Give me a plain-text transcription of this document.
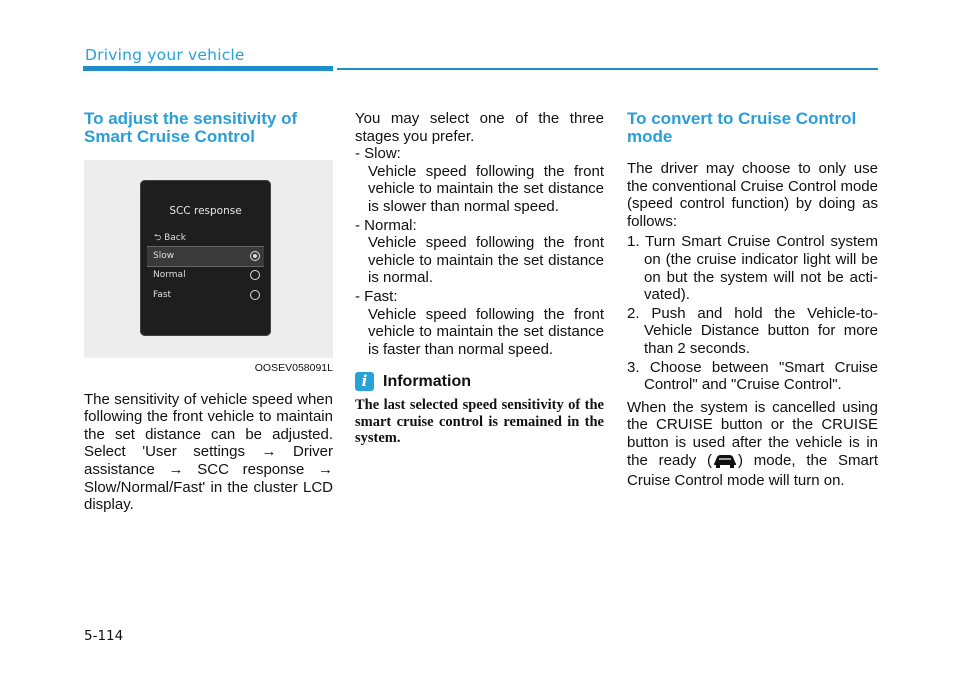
Driving your vehicle
To adjust the sensitivity of Smart Cruise Control
SCC response
⮌ Back
Slow
Normal
Fast
OOSEV058091L

The sensitivity of vehicle speed when following the front vehicle to maintain the set distance can be adjusted. Select 'User settings → Driver assistance → SCC response → Slow/Normal/Fast' in the cluster LCD display.

You may select one of the three stages you prefer.

- Slow:
Vehicle speed following the front vehicle to maintain the set distance is slower than normal speed.
- Normal:
Vehicle speed following the front vehicle to maintain the set distance is normal.
- Fast:
Vehicle speed following the front vehicle to maintain the set distance is faster than normal speed.
i Information
The last selected speed sensitivity of the smart cruise control is remained in the system.
To convert to Cruise Control mode

The driver may choose to only use the conventional Cruise Control mode (speed control function) by doing as follows:

1. Turn Smart Cruise Control system on (the cruise indicator light will be on but the system will not be acti-vated).
2. Push and hold the Vehicle-to-Vehicle Distance button for more than 2 seconds.
3. Choose between "Smart Cruise Control" and "Cruise Control".

When the system is cancelled using the CRUISE button or the CRUISE button is used after the vehicle is in the ready ( ) mode, the Smart Cruise Control mode will turn on.

5-114
